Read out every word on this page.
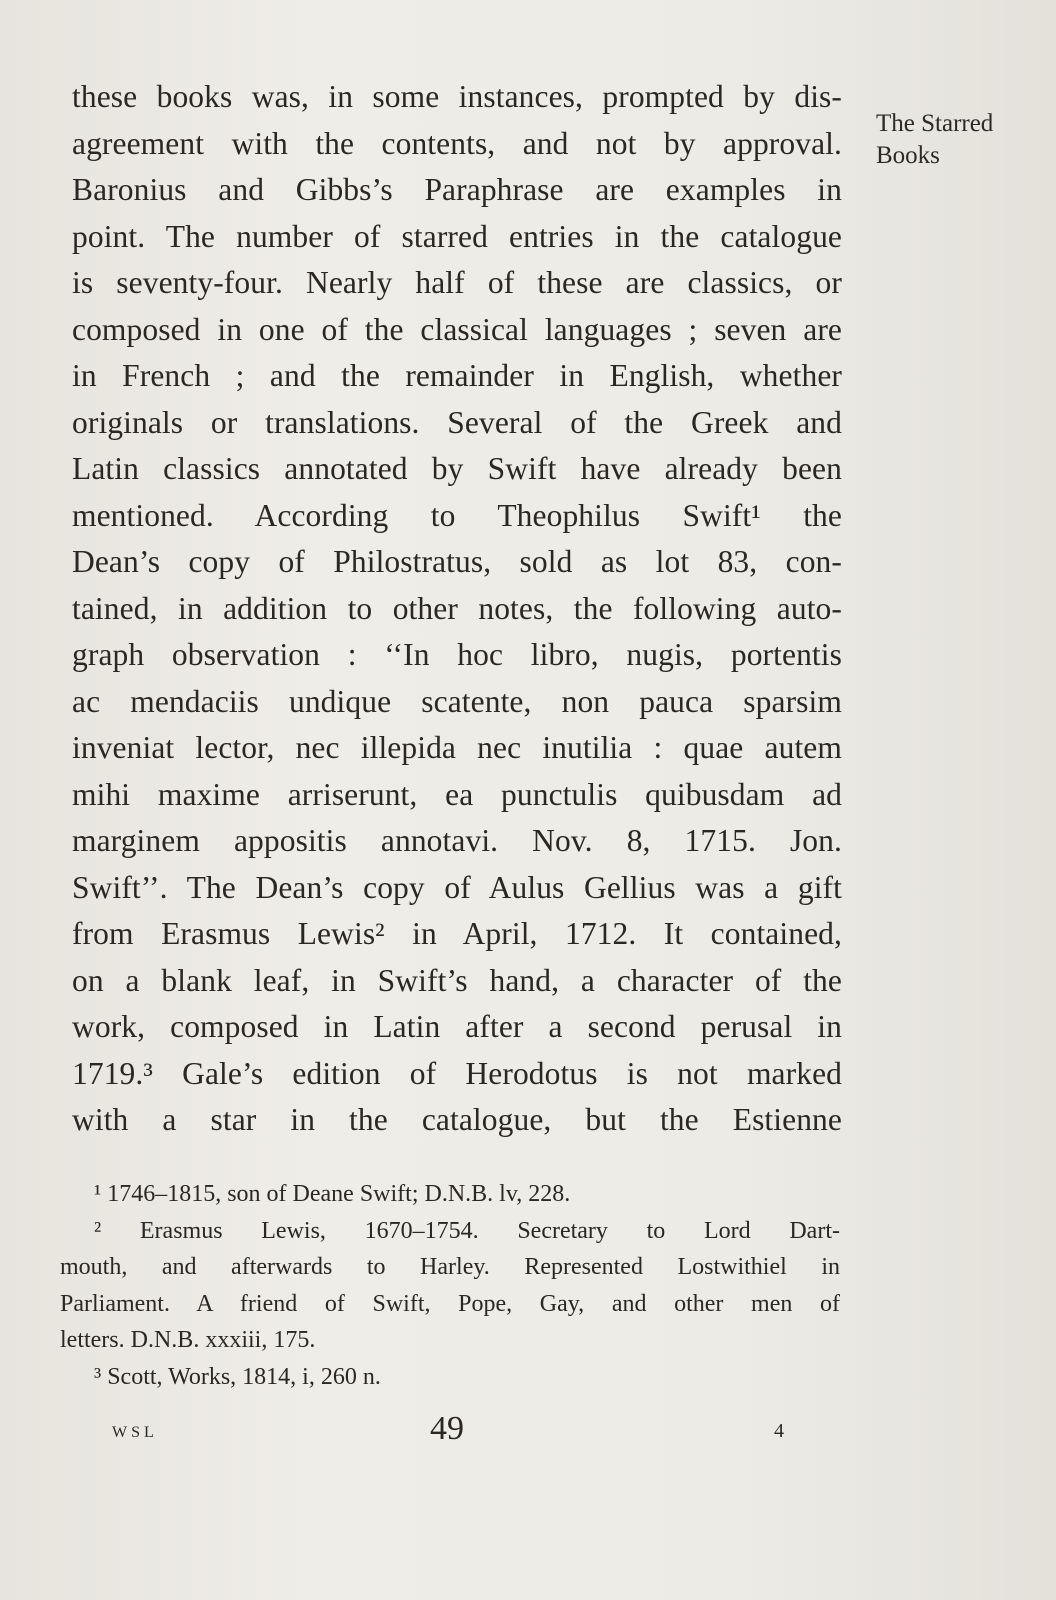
these books was, in some instances, prompted by dis-
agreement with the contents, and not by approval.
Baronius and Gibbs’s Paraphrase are examples in
point. The number of starred entries in the catalogue
is seventy-four. Nearly half of these are classics, or
composed in one of the classical languages ; seven are
in French ; and the remainder in English, whether
originals or translations. Several of the Greek and
Latin classics annotated by Swift have already been
mentioned. According to Theophilus Swift¹ the
Dean’s copy of Philostratus, sold as lot 83, con-
tained, in addition to other notes, the following auto-
graph observation : ‘‘In hoc libro, nugis, portentis
ac mendaciis undique scatente, non pauca sparsim
inveniat lector, nec illepida nec inutilia : quae autem
mihi maxime arriserunt, ea punctulis quibusdam ad
marginem appositis annotavi. Nov. 8, 1715. Jon.
Swift’’. The Dean’s copy of Aulus Gellius was a gift
from Erasmus Lewis² in April, 1712. It contained,
on a blank leaf, in Swift’s hand, a character of the
work, composed in Latin after a second perusal in
1719.³ Gale’s edition of Herodotus is not marked
with a star in the catalogue, but the Estienne
The Starred
Books
¹ 1746–1815, son of Deane Swift; D.N.B. lv, 228.
² Erasmus Lewis, 1670–1754. Secretary to Lord Dart-
mouth, and afterwards to Harley. Represented Lostwithiel in
Parliament. A friend of Swift, Pope, Gay, and other men of
letters. D.N.B. xxxiii, 175.
³ Scott, Works, 1814, i, 260 n.
WSL	49	4
